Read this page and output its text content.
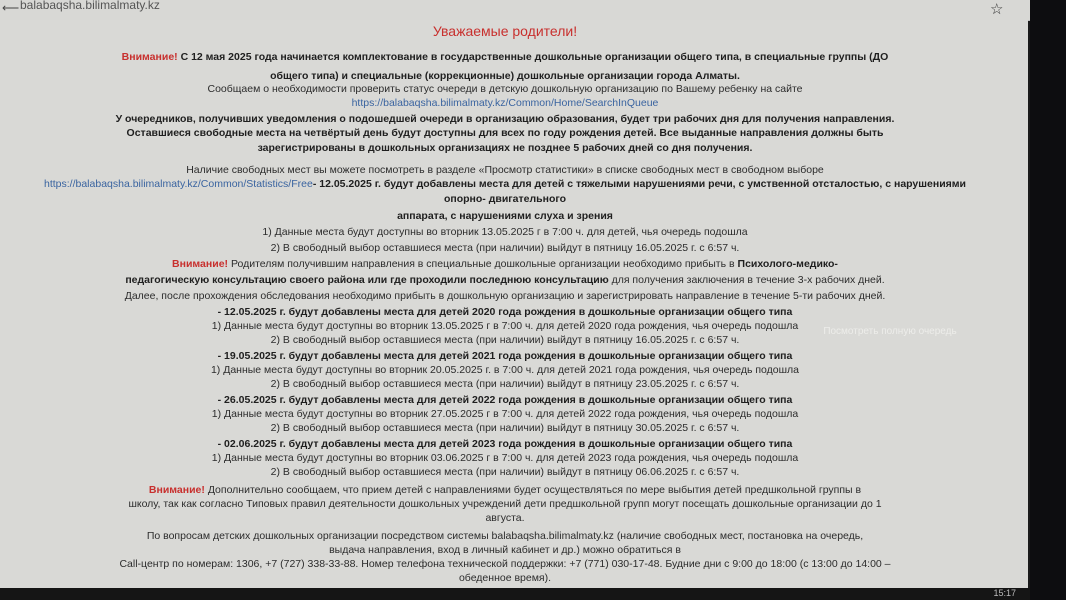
⟵ balabaqsha.bilimalmaty.kz	☆
Уважаемые родители!
Внимание! С 12 мая 2025 года начинается комплектование в государственные дошкольные организации общего типа, в специальные группы (ДО
общего типа) и специальные (коррекционные) дошкольные организации города Алматы.
Сообщаем о необходимости проверить статус очереди в детскую дошкольную организацию по Вашему ребенку на сайте
https://balabaqsha.bilimalmaty.kz/Common/Home/SearchInQueue
У очередников, получивших уведомления о подошедшей очереди в организацию образования, будет три рабочих дня для получения направления.
Оставшиеся свободные места на четвёртый день будут доступны для всех по году рождения детей. Все выданные направления должны быть
зарегистрированы в дошкольных организациях не позднее 5 рабочих дней со дня получения.
Наличие свободных мест вы можете посмотреть в разделе «Просмотр статистики» в списке свободных мест в свободном выборе
https://balabaqsha.bilimalmaty.kz/Common/Statistics/Free- 12.05.2025 г. будут добавлены места для детей с тяжелыми нарушениями речи, с умственной отсталостью, с нарушениями
опорно- двигательного
аппарата, с нарушениями слуха и зрения
1) Данные места будут доступны во вторник 13.05.2025 г в 7:00 ч. для детей, чья очередь подошла
2) В свободный выбор оставшиеся места (при наличии) выйдут в пятницу 16.05.2025 г. с 6:57 ч.
Внимание! Родителям получившим направления в специальные дошкольные организации необходимо прибыть в Психолого-медико-
педагогическую консультацию своего района или где проходили последнюю консультацию для получения заключения в течение 3-х рабочих дней.
Далее, после прохождения обследования необходимо прибыть в дошкольную организацию и зарегистрировать направление в течение 5-ти рабочих дней.
- 12.05.2025 г. будут добавлены места для детей 2020 года рождения в дошкольные организации общего типа
1) Данные места будут доступны во вторник 13.05.2025 г в 7:00 ч. для детей 2020 года рождения, чья очередь подошла
2) В свободный выбор оставшиеся места (при наличии) выйдут в пятницу 16.05.2025 г. с 6:57 ч.
- 19.05.2025 г. будут добавлены места для детей 2021 года рождения в дошкольные организации общего типа
1) Данные места будут доступны во вторник 20.05.2025 г. в 7:00 ч. для детей 2021 года рождения, чья очередь подошла
2) В свободный выбор оставшиеся места (при наличии) выйдут в пятницу 23.05.2025 г. с 6:57 ч.
- 26.05.2025 г. будут добавлены места для детей 2022 года рождения в дошкольные организации общего типа
1) Данные места будут доступны во вторник 27.05.2025 г в 7:00 ч. для детей 2022 года рождения, чья очередь подошла
2) В свободный выбор оставшиеся места (при наличии) выйдут в пятницу 30.05.2025 г. с 6:57 ч.
- 02.06.2025 г. будут добавлены места для детей 2023 года рождения в дошкольные организации общего типа
1) Данные места будут доступны во вторник 03.06.2025 г в 7:00 ч. для детей 2023 года рождения, чья очередь подошла
2) В свободный выбор оставшиеся места (при наличии) выйдут в пятницу 06.06.2025 г. с 6:57 ч.
Внимание! Дополнительно сообщаем, что прием детей с направлениями будет осуществляться по мере выбытия детей предшкольной группы в
школу, так как согласно Типовых правил деятельности дошкольных учреждений дети предшкольной групп могут посещать дошкольные организации до 1
августа.
По вопросам детских дошкольных организации посредством системы balabaqsha.bilimalmaty.kz (наличие свободных мест, постановка на очередь,
выдача направления, вход в личный кабинет и др.) можно обратиться в
Call-центр по номерам: 1306, +7 (727) 338-33-88. Номер телефона технической поддержки: +7 (771) 030-17-48. Будние дни с 9:00 до 18:00 (с 13:00 до 14:00 –
обеденное время).
Посмотреть полную очередь
15:17
